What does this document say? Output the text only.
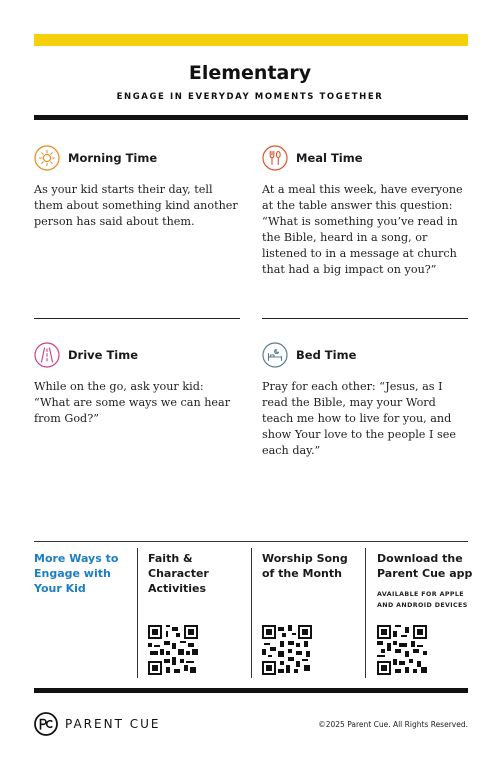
Elementary
ENGAGE IN EVERYDAY MOMENTS TOGETHER
Morning Time

As your kid starts their day, tell them about something kind another person has said about them.

Meal Time

At a meal this week, have everyone at the table answer this question: “What is something you’ve read in the Bible, heard in a song, or listened to in a message at church that had a big impact on you?”

Drive Time

While on the go, ask your kid: “What are some ways we can hear from God?”

Bed Time

Pray for each other: “Jesus, as I read the Bible, may your Word teach me how to live for you, and show Your love to the people I see each day.”

More Ways to Engage with Your Kid
Faith & Character Activities
Worship Song of the Month
Download the Parent Cue app
AVAILABLE FOR APPLE AND ANDROID DEVICES
PARENT CUE	©2025 Parent Cue. All Rights Reserved.
